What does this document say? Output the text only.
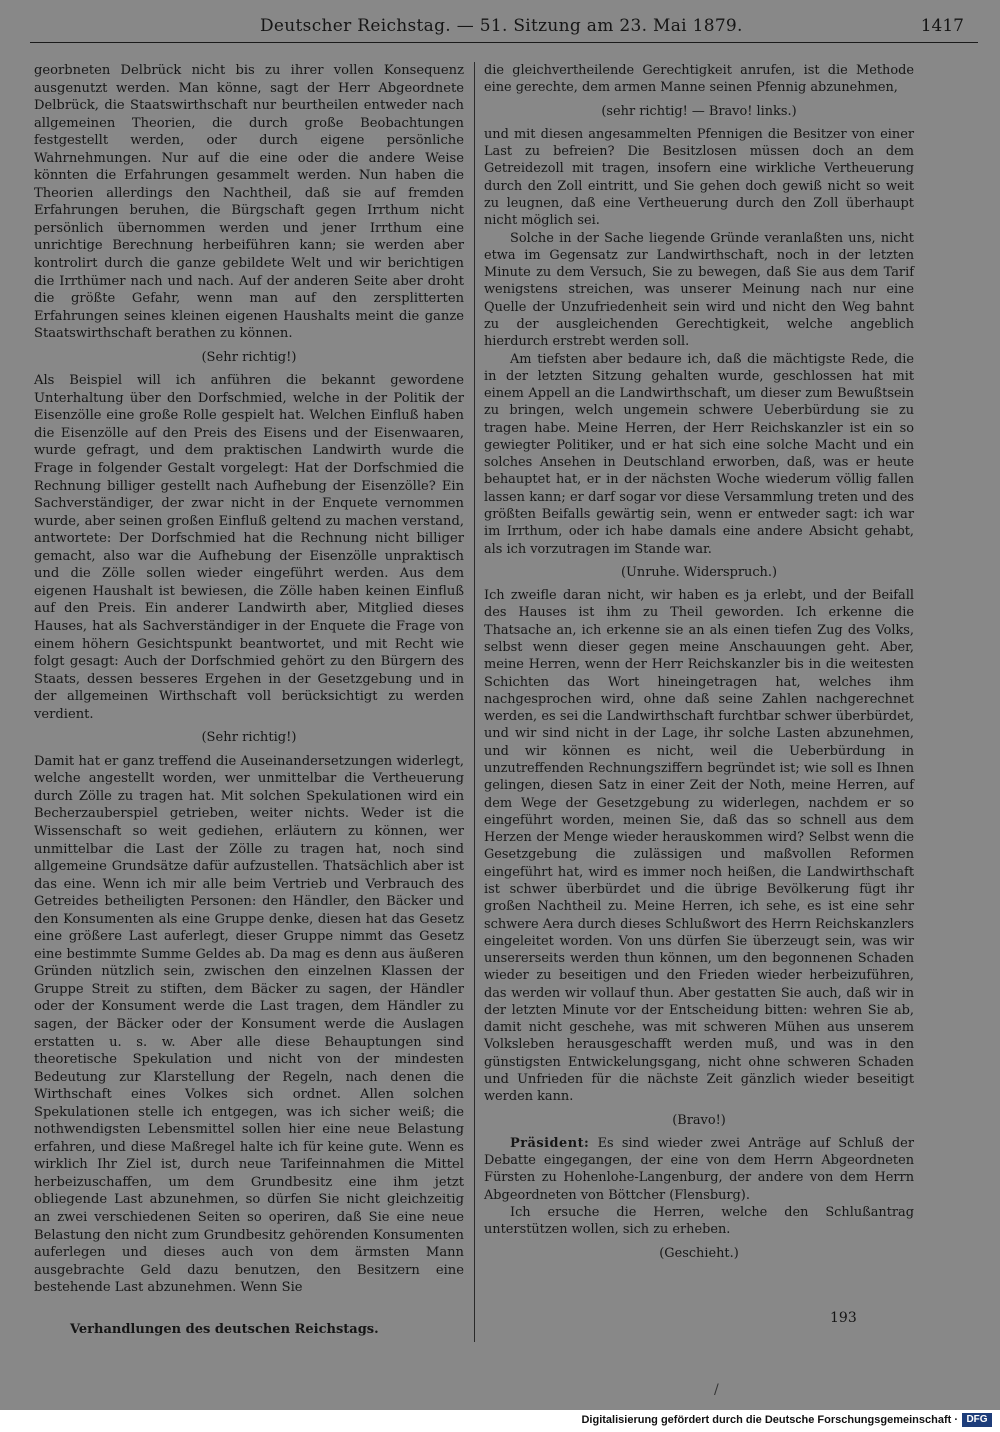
Deutscher Reichstag. — 51. Sitzung am 23. Mai 1879.	1417

georbneten Delbrück nicht bis zu ihrer vollen Konsequenz ausgenutzt werden. Man könne, sagt der Herr Abgeordnete Delbrück, die Staatswirthschaft nur beurtheilen entweder nach allgemeinen Theorien, die durch große Beobachtungen festgestellt werden, oder durch eigene persönliche Wahrnehmungen. Nur auf die eine oder die andere Weise könnten die Erfahrungen gesammelt werden. Nun haben die Theorien allerdings den Nachtheil, daß sie auf fremden Erfahrungen beruhen, die Bürgschaft gegen Irrthum nicht persönlich übernommen werden und jener Irrthum eine unrichtige Berechnung herbeiführen kann; sie werden aber kontrolirt durch die ganze gebildete Welt und wir berichtigen die Irrthümer nach und nach. Auf der anderen Seite aber droht die größte Gefahr, wenn man auf den zersplitterten Erfahrungen seines kleinen eigenen Haushalts meint die ganze Staatswirthschaft berathen zu können.

(Sehr richtig!)

Als Beispiel will ich anführen die bekannt gewordene Unterhaltung über den Dorfschmied, welche in der Politik der Eisenzölle eine große Rolle gespielt hat. Welchen Einfluß haben die Eisenzölle auf den Preis des Eisens und der Eisenwaaren, wurde gefragt, und dem praktischen Landwirth wurde die Frage in folgender Gestalt vorgelegt: Hat der Dorfschmied die Rechnung billiger gestellt nach Aufhebung der Eisenzölle? Ein Sachverständiger, der zwar nicht in der Enquete vernommen wurde, aber seinen großen Einfluß geltend zu machen verstand, antwortete: Der Dorfschmied hat die Rechnung nicht billiger gemacht, also war die Aufhebung der Eisenzölle unpraktisch und die Zölle sollen wieder eingeführt werden. Aus dem eigenen Haushalt ist bewiesen, die Zölle haben keinen Einfluß auf den Preis. Ein anderer Landwirth aber, Mitglied dieses Hauses, hat als Sachverständiger in der Enquete die Frage von einem höhern Gesichtspunkt beantwortet, und mit Recht wie folgt gesagt: Auch der Dorfschmied gehört zu den Bürgern des Staats, dessen besseres Ergehen in der Gesetzgebung und in der allgemeinen Wirthschaft voll berücksichtigt zu werden verdient.

(Sehr richtig!)

Damit hat er ganz treffend die Auseinandersetzungen widerlegt, welche angestellt worden, wer unmittelbar die Vertheuerung durch Zölle zu tragen hat. Mit solchen Spekulationen wird ein Becherzauberspiel getrieben, weiter nichts. Weder ist die Wissenschaft so weit gediehen, erläutern zu können, wer unmittelbar die Last der Zölle zu tragen hat, noch sind allgemeine Grundsätze dafür aufzustellen. Thatsächlich aber ist das eine. Wenn ich mir alle beim Vertrieb und Verbrauch des Getreides betheiligten Personen: den Händler, den Bäcker und den Konsumenten als eine Gruppe denke, diesen hat das Gesetz eine größere Last auferlegt, dieser Gruppe nimmt das Gesetz eine bestimmte Summe Geldes ab. Da mag es denn aus äußeren Gründen nützlich sein, zwischen den einzelnen Klassen der Gruppe Streit zu stiften, dem Bäcker zu sagen, der Händler oder der Konsument werde die Last tragen, dem Händler zu sagen, der Bäcker oder der Konsument werde die Auslagen erstatten u. s. w. Aber alle diese Behauptungen sind theoretische Spekulation und nicht von der mindesten Bedeutung zur Klarstellung der Regeln, nach denen die Wirthschaft eines Volkes sich ordnet. Allen solchen Spekulationen stelle ich entgegen, was ich sicher weiß; die nothwendigsten Lebensmittel sollen hier eine neue Belastung erfahren, und diese Maßregel halte ich für keine gute. Wenn es wirklich Ihr Ziel ist, durch neue Tarifeinnahmen die Mittel herbeizuschaffen, um dem Grundbesitz eine ihm jetzt obliegende Last abzunehmen, so dürfen Sie nicht gleichzeitig an zwei verschiedenen Seiten so operiren, daß Sie eine neue Belastung den nicht zum Grundbesitz gehörenden Konsumenten auferlegen und dieses auch von dem ärmsten Mann ausgebrachte Geld dazu benutzen, den Besitzern eine bestehende Last abzunehmen. Wenn Sie

die gleichvertheilende Gerechtigkeit anrufen, ist die Methode eine gerechte, dem armen Manne seinen Pfennig abzunehmen,

(sehr richtig! — Bravo! links.)

und mit diesen angesammelten Pfennigen die Besitzer von einer Last zu befreien? Die Besitzlosen müssen doch an dem Getreidezoll mit tragen, insofern eine wirkliche Vertheuerung durch den Zoll eintritt, und Sie gehen doch gewiß nicht so weit zu leugnen, daß eine Vertheuerung durch den Zoll überhaupt nicht möglich sei.

Solche in der Sache liegende Gründe veranlaßten uns, nicht etwa im Gegensatz zur Landwirthschaft, noch in der letzten Minute zu dem Versuch, Sie zu bewegen, daß Sie aus dem Tarif wenigstens streichen, was unserer Meinung nach nur eine Quelle der Unzufriedenheit sein wird und nicht den Weg bahnt zu der ausgleichenden Gerechtigkeit, welche angeblich hierdurch erstrebt werden soll.

Am tiefsten aber bedaure ich, daß die mächtigste Rede, die in der letzten Sitzung gehalten wurde, geschlossen hat mit einem Appell an die Landwirthschaft, um dieser zum Bewußtsein zu bringen, welch ungemein schwere Ueberbürdung sie zu tragen habe. Meine Herren, der Herr Reichskanzler ist ein so gewiegter Politiker, und er hat sich eine solche Macht und ein solches Ansehen in Deutschland erworben, daß, was er heute behauptet hat, er in der nächsten Woche wiederum völlig fallen lassen kann; er darf sogar vor diese Versammlung treten und des größten Beifalls gewärtig sein, wenn er entweder sagt: ich war im Irrthum, oder ich habe damals eine andere Absicht gehabt, als ich vorzutragen im Stande war.

(Unruhe. Widerspruch.)

Ich zweifle daran nicht, wir haben es ja erlebt, und der Beifall des Hauses ist ihm zu Theil geworden. Ich erkenne die Thatsache an, ich erkenne sie an als einen tiefen Zug des Volks, selbst wenn dieser gegen meine Anschauungen geht. Aber, meine Herren, wenn der Herr Reichskanzler bis in die weitesten Schichten das Wort hineingetragen hat, welches ihm nachgesprochen wird, ohne daß seine Zahlen nachgerechnet werden, es sei die Landwirthschaft furchtbar schwer überbürdet, und wir sind nicht in der Lage, ihr solche Lasten abzunehmen, und wir können es nicht, weil die Ueberbürdung in unzutreffenden Rechnungsziffern begründet ist; wie soll es Ihnen gelingen, diesen Satz in einer Zeit der Noth, meine Herren, auf dem Wege der Gesetzgebung zu widerlegen, nachdem er so eingeführt worden, meinen Sie, daß das so schnell aus dem Herzen der Menge wieder herauskommen wird? Selbst wenn die Gesetzgebung die zulässigen und maßvollen Reformen eingeführt hat, wird es immer noch heißen, die Landwirthschaft ist schwer überbürdet und die übrige Bevölkerung fügt ihr großen Nachtheil zu. Meine Herren, ich sehe, es ist eine sehr schwere Aera durch dieses Schlußwort des Herrn Reichskanzlers eingeleitet worden. Von uns dürfen Sie überzeugt sein, was wir unsererseits werden thun können, um den begonnenen Schaden wieder zu beseitigen und den Frieden wieder herbeizuführen, das werden wir vollauf thun. Aber gestatten Sie auch, daß wir in der letzten Minute vor der Entscheidung bitten: wehren Sie ab, damit nicht geschehe, was mit schweren Mühen aus unserem Volksleben herausgeschafft werden muß, und was in den günstigsten Entwickelungsgang, nicht ohne schweren Schaden und Unfrieden für die nächste Zeit gänzlich wieder beseitigt werden kann.

(Bravo!)

Präsident: Es sind wieder zwei Anträge auf Schluß der Debatte eingegangen, der eine von dem Herrn Abgeordneten Fürsten zu Hohenlohe-Langenburg, der andere von dem Herrn Abgeordneten von Böttcher (Flensburg).

Ich ersuche die Herren, welche den Schlußantrag unterstützen wollen, sich zu erheben.

(Geschieht.)

Verhandlungen des deutschen Reichstags.
193
/
Digitalisierung gefördert durch die Deutsche Forschungsgemeinschaft · DFG
